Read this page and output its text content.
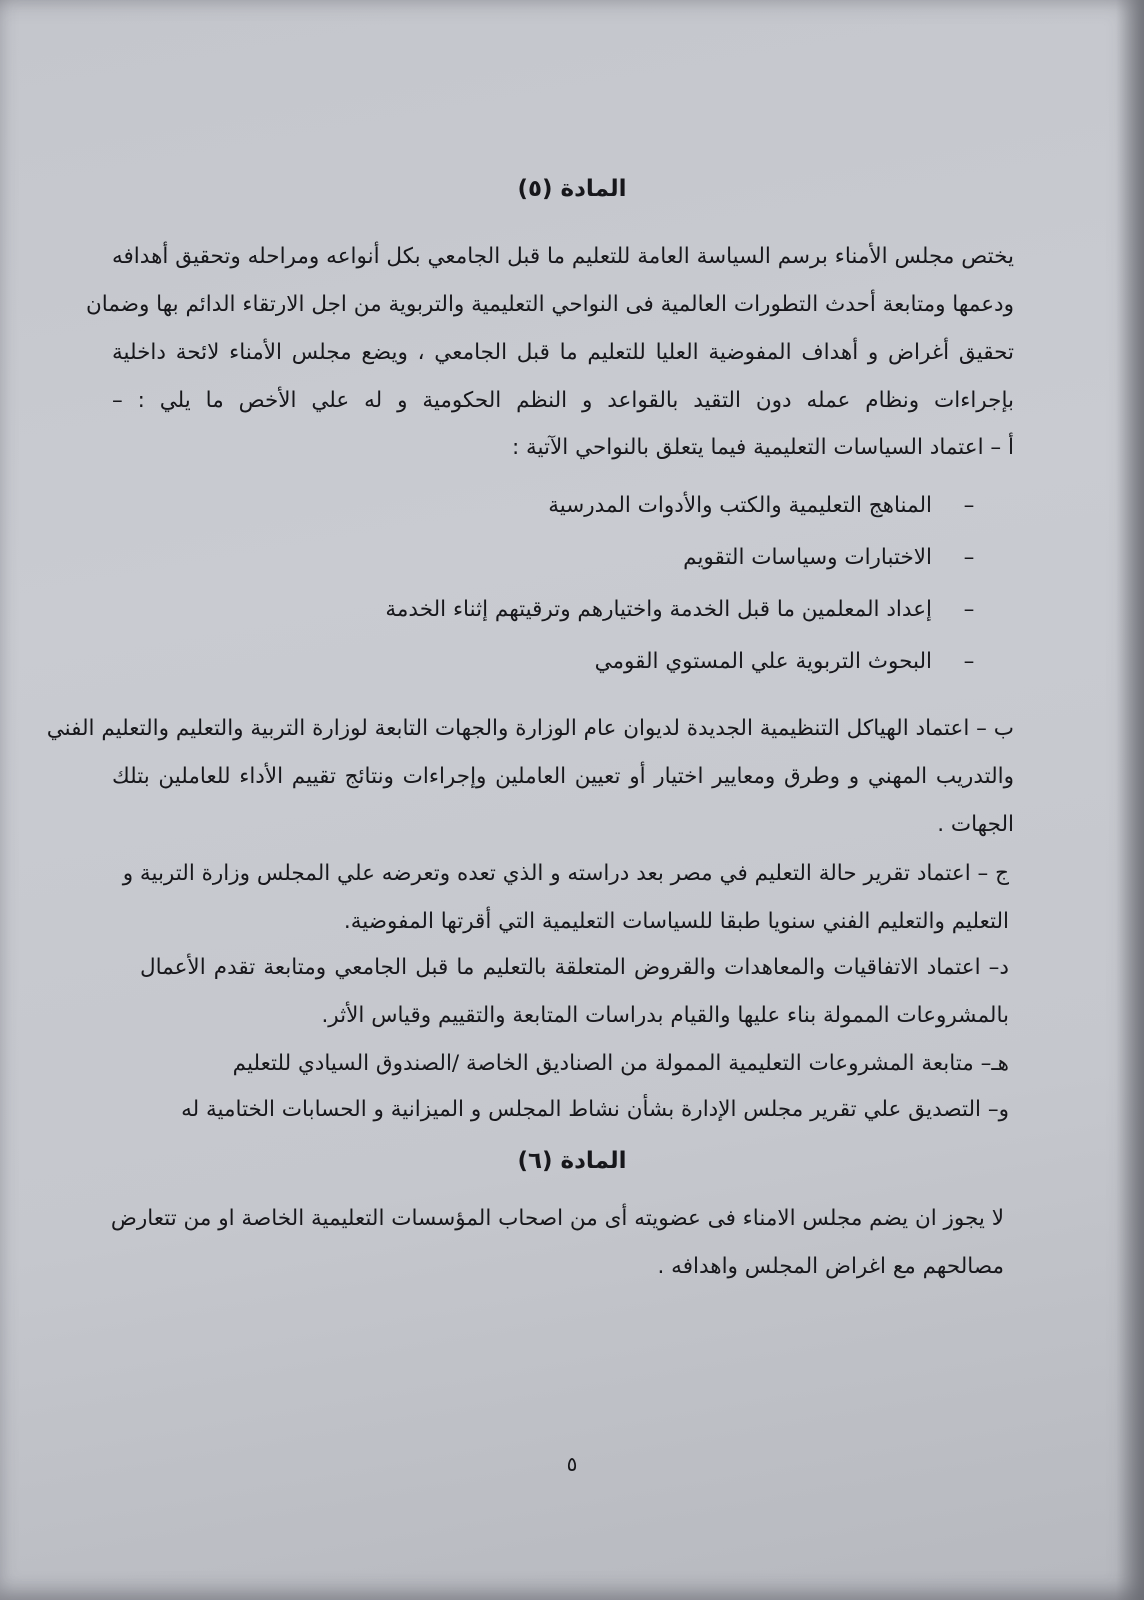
المادة (٥)
يختص مجلس الأمناء برسم السياسة العامة للتعليم ما قبل الجامعي بكل أنواعه ومراحله وتحقيق أهدافه
ودعمها ومتابعة أحدث التطورات العالمية فى النواحي التعليمية والتربوية من اجل الارتقاء الدائم بها وضمان
تحقيق أغراض و أهداف المفوضية العليا للتعليم ما قبل الجامعي ، ويضع مجلس الأمناء لائحة داخلية
بإجراءات ونظام عمله دون التقيد بالقواعد و النظم الحكومية و له علي الأخص ما يلي : –
أ – اعتماد السياسات التعليمية فيما يتعلق بالنواحي الآتية :
–المناهج التعليمية والكتب والأدوات المدرسية
–الاختبارات وسياسات التقويم
–إعداد المعلمين ما قبل الخدمة واختيارهم وترقيتهم إثناء الخدمة
–البحوث التربوية علي المستوي القومي
ب – اعتماد الهياكل التنظيمية الجديدة لديوان عام الوزارة والجهات التابعة لوزارة التربية والتعليم والتعليم الفني
والتدريب المهني و وطرق ومعايير اختيار أو تعيين العاملين وإجراءات ونتائج تقييم الأداء للعاملين بتلك
الجهات .
ج – اعتماد تقرير حالة التعليم في مصر بعد دراسته و الذي تعده وتعرضه علي المجلس وزارة التربية و
التعليم والتعليم الفني سنويا طبقا للسياسات التعليمية التي أقرتها المفوضية.
د– اعتماد الاتفاقيات والمعاهدات والقروض المتعلقة بالتعليم ما قبل الجامعي ومتابعة تقدم الأعمال
بالمشروعات الممولة بناء عليها والقيام بدراسات المتابعة والتقييم وقياس الأثر.
هـ– متابعة المشروعات التعليمية الممولة من الصناديق الخاصة /الصندوق السيادي للتعليم
و– التصديق علي تقرير مجلس الإدارة بشأن نشاط المجلس و الميزانية و الحسابات الختامية له
المادة (٦)
لا يجوز ان يضم مجلس الامناء فى عضويته أى من اصحاب المؤسسات التعليمية الخاصة او من تتعارض
مصالحهم مع اغراض المجلس واهدافه .
٥
